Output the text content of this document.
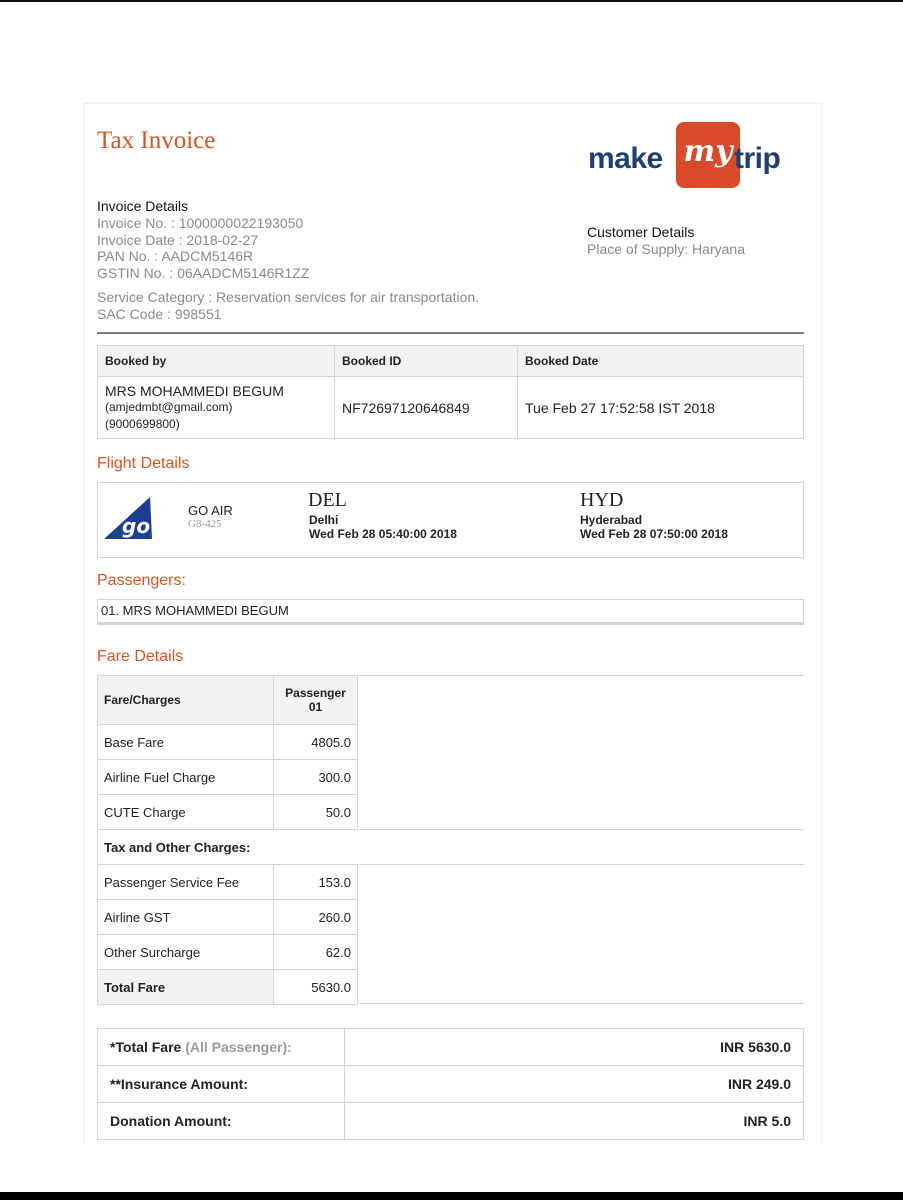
Tax Invoice
make my trip
Invoice Details
Invoice No. : 1000000022193050
Invoice Date : 2018-02-27
PAN No. : AADCM5146R
GSTIN No. : 06AADCM5146R1ZZ
Service Category : Reservation services for air transportation.
SAC Code : 998551
Customer Details
Place of Supply: Haryana
Booked by	Booked ID	Booked Date

MRS MOHAMMEDI BEGUM
(amjedmbt@gmail.com)
(9000699800)	NF72697120646849	Tue Feb 27 17:52:58 IST 2018
Flight Details
go
GO AIR
G8-425
DEL
Delhi
Wed Feb 28 05:40:00 2018
HYD
Hyderabad
Wed Feb 28 07:50:00 2018
Passengers:
01. MRS MOHAMMEDI BEGUM
Fare Details
Fare/Charges	Passenger
01

Base Fare	4805.0
Airline Fuel Charge	300.0
CUTE Charge	50.0
Tax and Other Charges:	
Passenger Service Fee	153.0
Airline GST	260.0
Other Surcharge	62.0
Total Fare	5630.0
*Total Fare (All Passenger):	INR 5630.0
**Insurance Amount:	INR 249.0
Donation Amount:	INR 5.0
